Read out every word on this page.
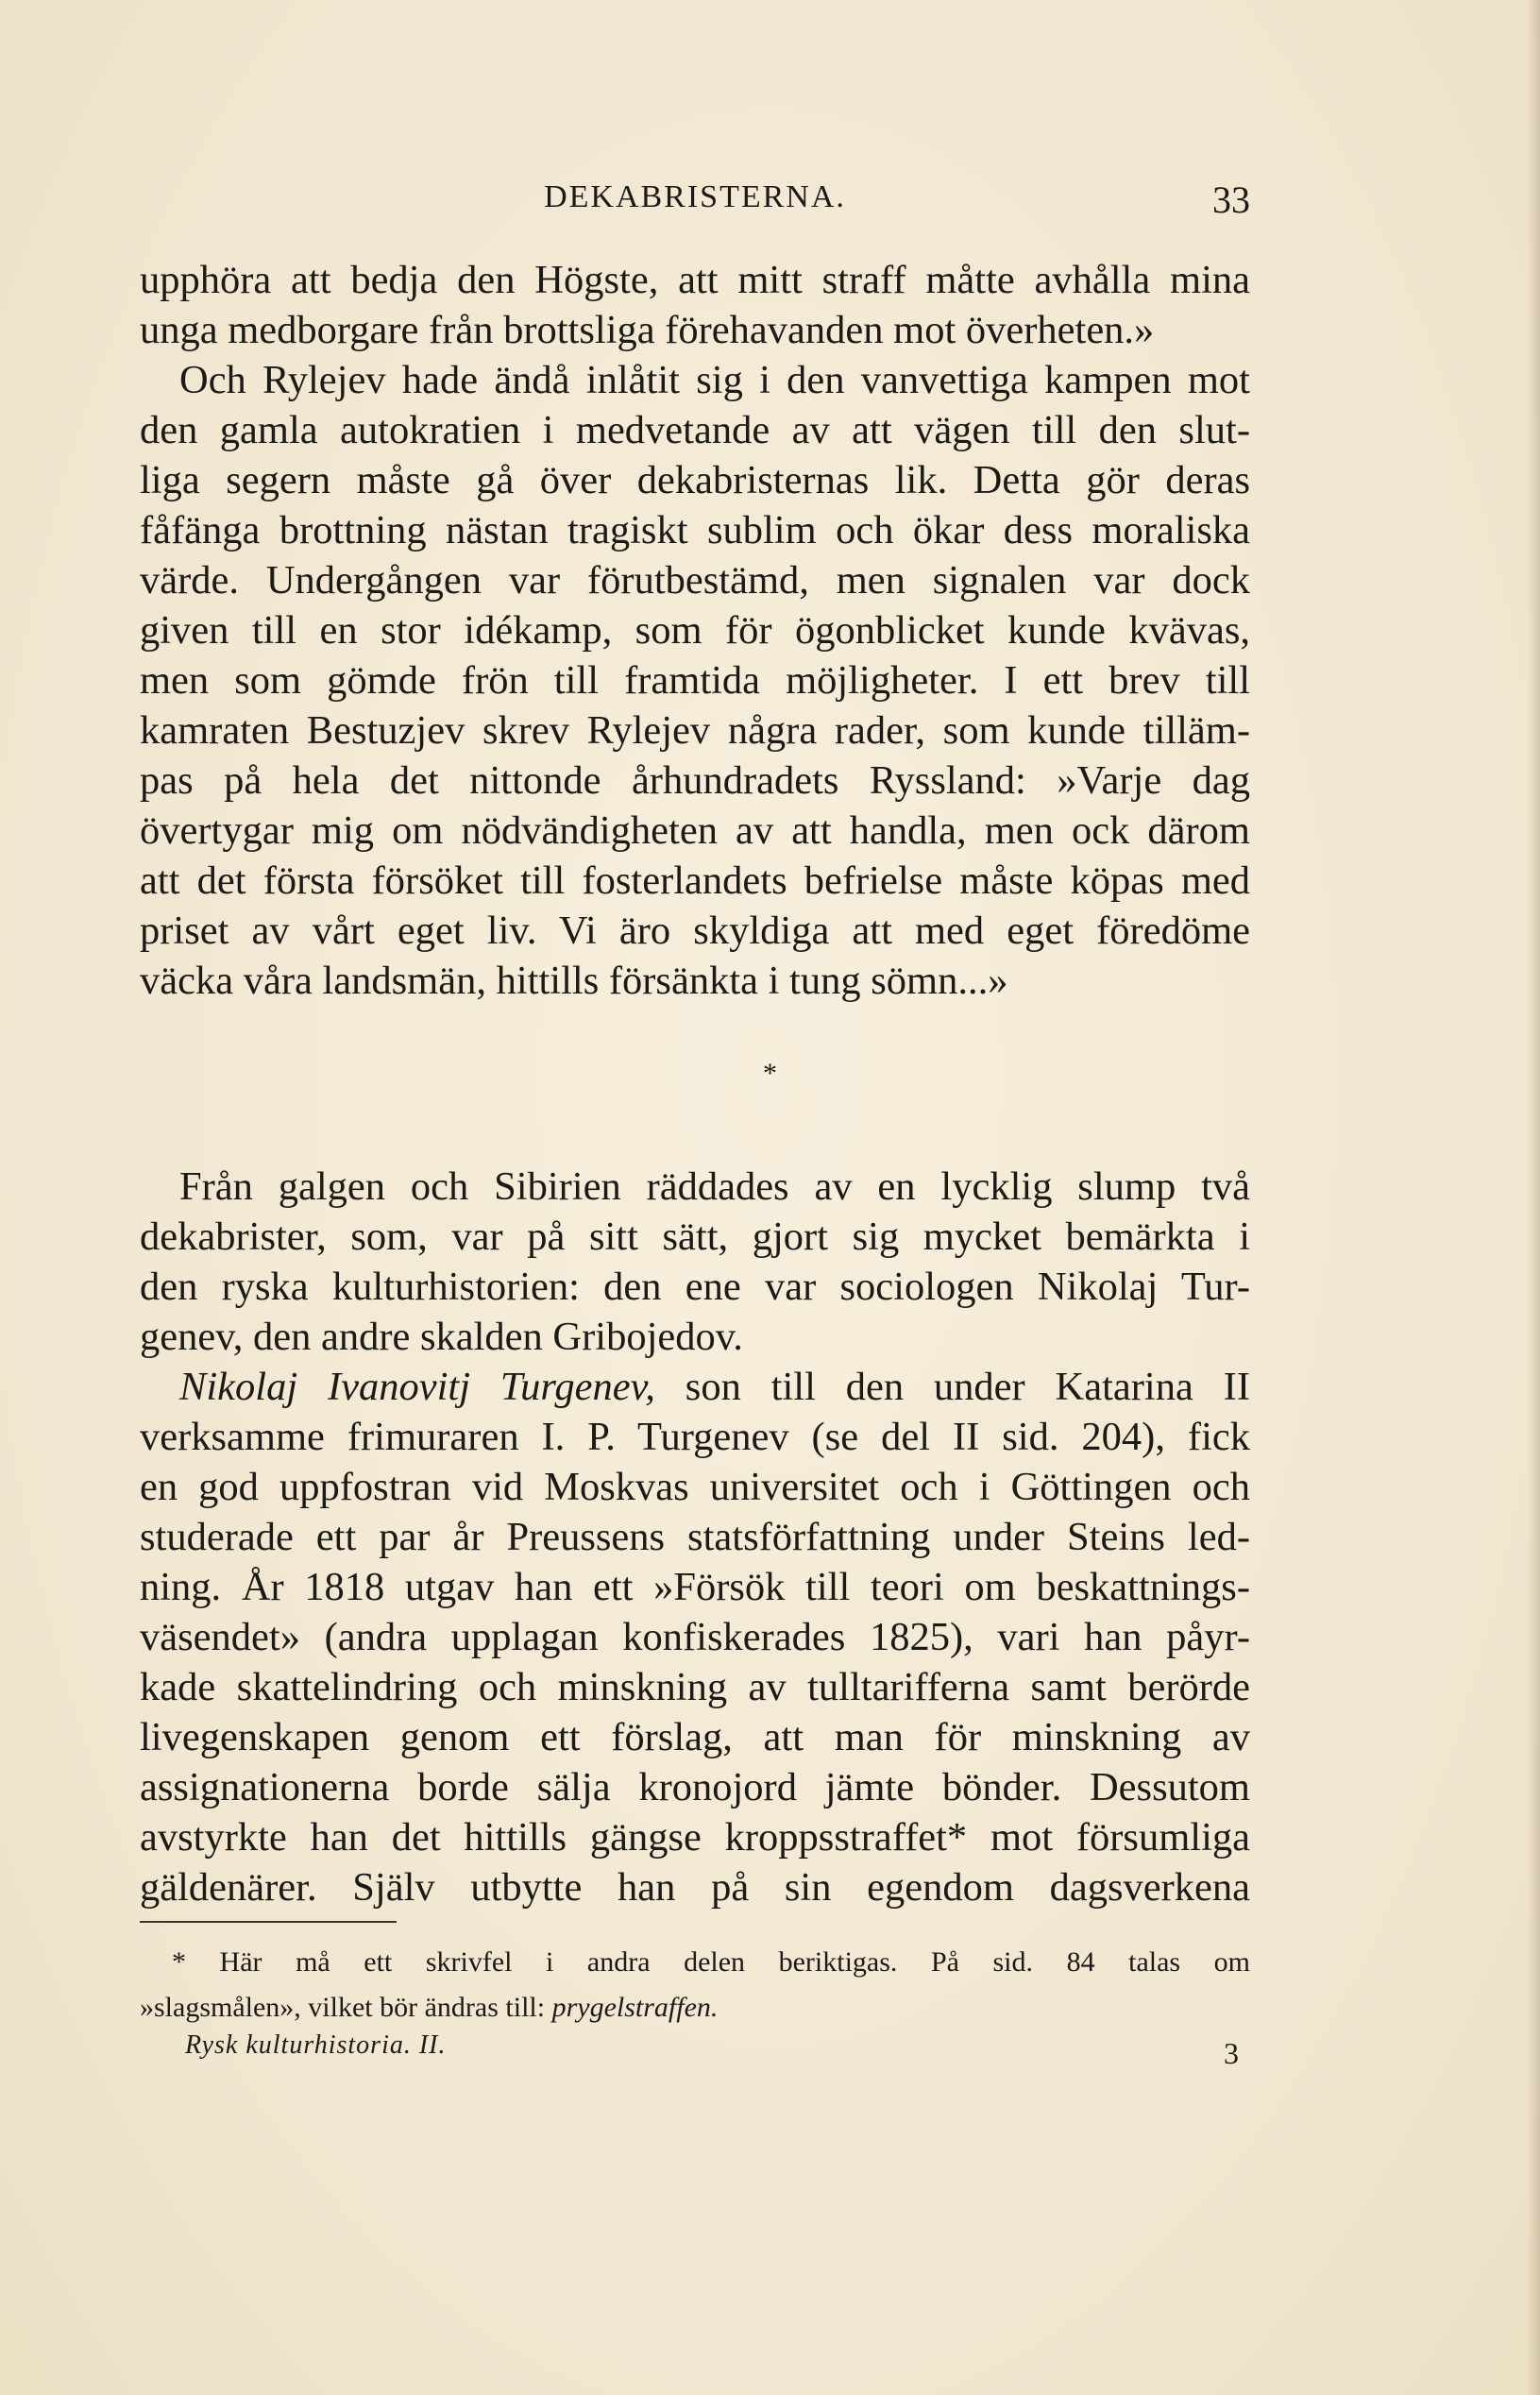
DEKABRISTERNA.	33
upphöra att bedja den Högste, att mitt straff måtte avhålla mina
unga medborgare från brottsliga förehavanden mot överheten.»
Och Rylejev hade ändå inlåtit sig i den vanvettiga kampen mot
den gamla autokratien i medvetande av att vägen till den slut-
liga segern måste gå över dekabristernas lik. Detta gör deras
fåfänga brottning nästan tragiskt sublim och ökar dess moraliska
värde. Undergången var förutbestämd, men signalen var dock
given till en stor idékamp, som för ögonblicket kunde kvävas,
men som gömde frön till framtida möjligheter. I ett brev till
kamraten Bestuzjev skrev Rylejev några rader, som kunde tilläm-
pas på hela det nittonde århundradets Ryssland: »Varje dag
övertygar mig om nödvändigheten av att handla, men ock därom
att det första försöket till fosterlandets befrielse måste köpas med
priset av vårt eget liv. Vi äro skyldiga att med eget föredöme
väcka våra landsmän, hittills försänkta i tung sömn...»
*
Från galgen och Sibirien räddades av en lycklig slump två
dekabrister, som, var på sitt sätt, gjort sig mycket bemärkta i
den ryska kulturhistorien: den ene var sociologen Nikolaj Tur-
genev, den andre skalden Gribojedov.
Nikolaj Ivanovitj Turgenev, son till den under Katarina II
verksamme frimuraren I. P. Turgenev (se del II sid. 204), fick
en god uppfostran vid Moskvas universitet och i Göttingen och
studerade ett par år Preussens statsförfattning under Steins led-
ning. År 1818 utgav han ett »Försök till teori om beskattnings-
väsendet» (andra upplagan konfiskerades 1825), vari han påyr-
kade skattelindring och minskning av tulltarifferna samt berörde
livegenskapen genom ett förslag, att man för minskning av
assignationerna borde sälja kronojord jämte bönder. Dessutom
avstyrkte han det hittills gängse kroppsstraffet* mot försumliga
gäldenärer. Själv utbytte han på sin egendom dagsverkena
* Här må ett skrivfel i andra delen beriktigas. På sid. 84 talas om
»slagsmålen», vilket bör ändras till: prygelstraffen.
Rysk kulturhistoria. II.	3
